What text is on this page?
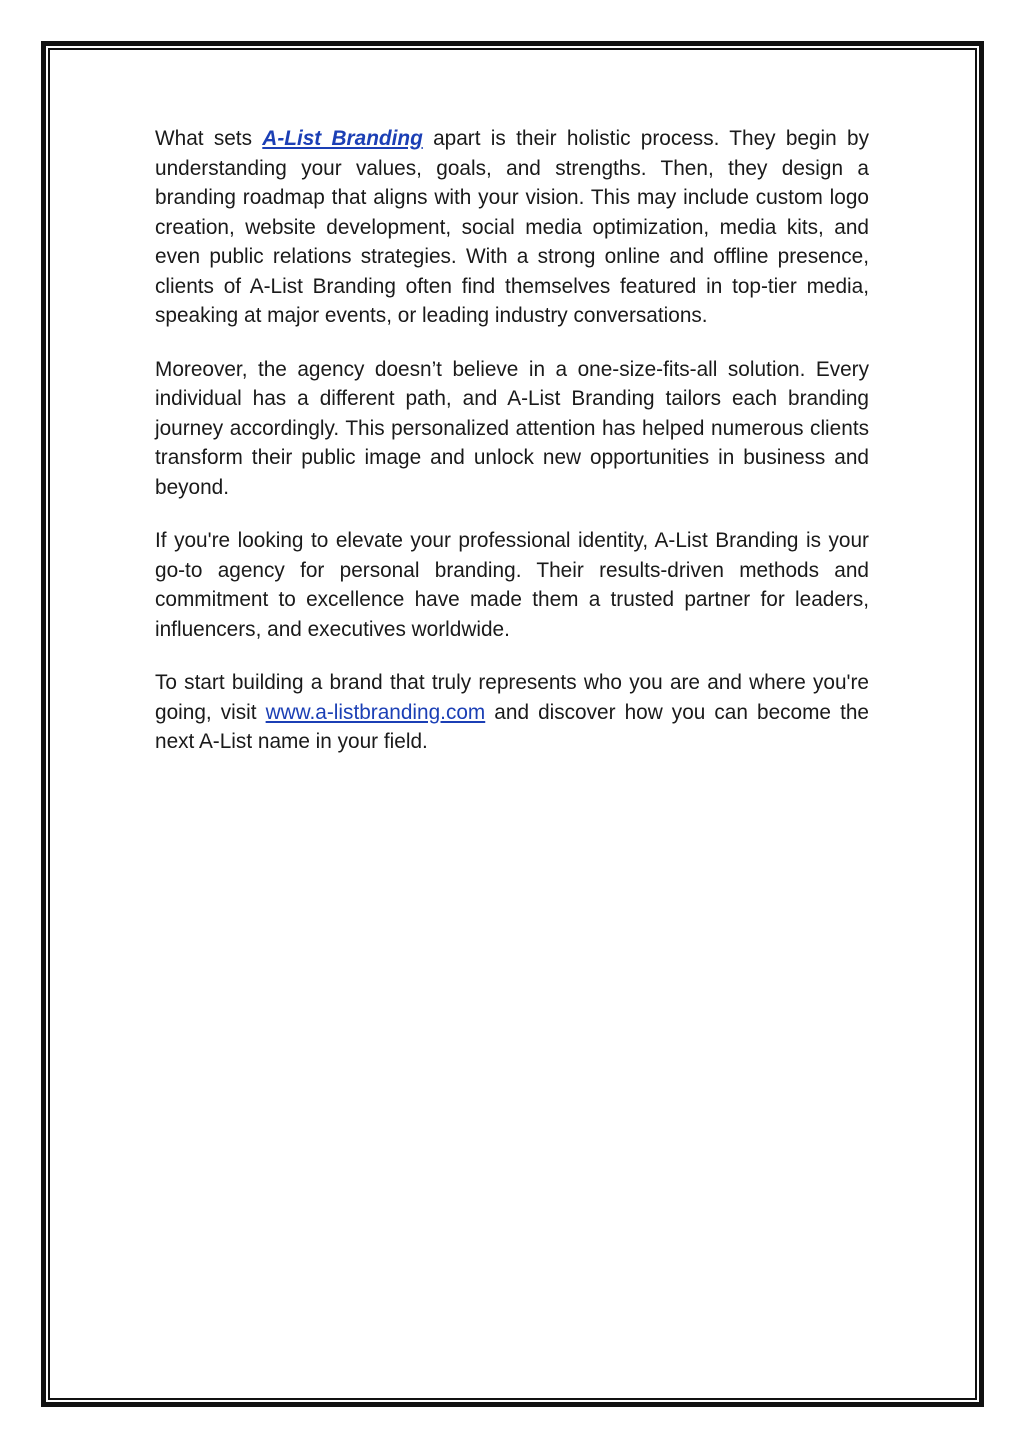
What sets A-List Branding apart is their holistic process. They begin by understanding your values, goals, and strengths. Then, they design a branding roadmap that aligns with your vision. This may include custom logo creation, website development, social media optimization, media kits, and even public relations strategies. With a strong online and offline presence, clients of A-List Branding often find themselves featured in top-tier media, speaking at major events, or leading industry conversations.

Moreover, the agency doesn’t believe in a one-size-fits-all solution. Every individual has a different path, and A-List Branding tailors each branding journey accordingly. This personalized attention has helped numerous clients transform their public image and unlock new opportunities in business and beyond.

If you're looking to elevate your professional identity, A-List Branding is your go-to agency for personal branding. Their results-driven methods and commitment to excellence have made them a trusted partner for leaders, influencers, and executives worldwide.

To start building a brand that truly represents who you are and where you're going, visit www.a-listbranding.com and discover how you can become the next A-List name in your field.
